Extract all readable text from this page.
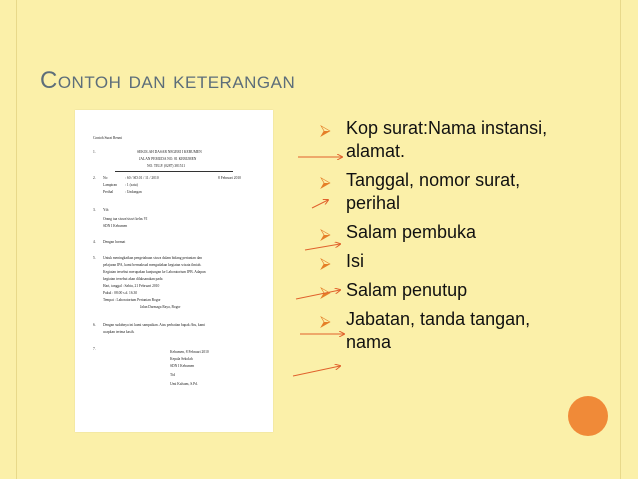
Contoh dan keterangan
Contoh Surat Resmi
1.	SEKOLAH DASAR NEGERI I KEBUMEN
JALAN PEMUDA NO. 81 KEBUMEN
NO. TELP. (0287) 381511
2. No	: 60 / SD.01 / 11 / 2010	8 Februari 2010
Lampiran : 1 (satu)
Perihal	: Undangan
3. Yth
Orang tua siswa/siswi kelas VI
SDN I Kebumen
4. Dengan hormat
5. Untuk meningkatkan pengetahuan siswa dalam bidang pertanian dan
pelajaran IPA, kami bermaksud mengadakan kegiatan wisata ilmiah.
Kegiatan tersebut merupakan kunjungan ke Laboratorium IPB. Adapun
kegiatan tersebut akan dilaksanakan pada
Hari, tanggal : Sabtu, 21 Februari 2010
Pukul : 08.00 s.d. 16.30
Tempat : Laboratorium Pertanian Bogor
Jalan Darmaga Raya, Bogor
6. Dengan sudahnya ini kami sampaikan. Atas perhatian bapak /ibu, kami
ucapkan terima kasih.
7.
Kebumen, 8 Februari 2010
Kepala Sekolah
SDN I Kebumen
Ttd
Umi Kalsum, S.Pd.
⮚ Kop surat:Nama instansi,
alamat.
⮚ Tanggal, nomor surat,
perihal
⮚ Salam pembuka
⮚ Isi
⮚ Salam penutup
⮚ Jabatan, tanda tangan,
nama
